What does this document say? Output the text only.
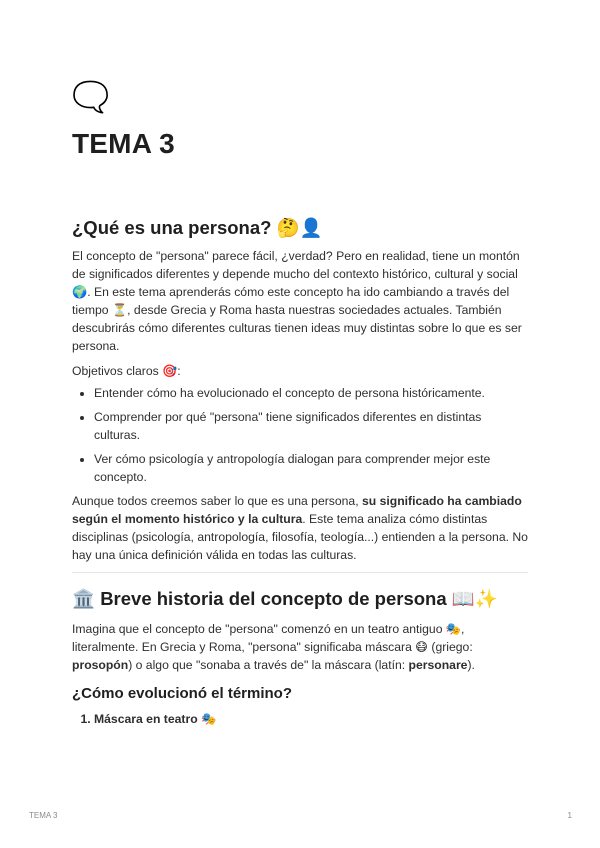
🗨️
TEMA 3
¿Qué es una persona? 🤔👤

El concepto de "persona" parece fácil, ¿verdad? Pero en realidad, tiene un montón de significados diferentes y depende mucho del contexto histórico, cultural y social 🌍. En este tema aprenderás cómo este concepto ha ido cambiando a través del tiempo ⏳, desde Grecia y Roma hasta nuestras sociedades actuales. También descubrirás cómo diferentes culturas tienen ideas muy distintas sobre lo que es ser persona.

Objetivos claros 🎯:

• Entender cómo ha evolucionado el concepto de persona históricamente.
• Comprender por qué "persona" tiene significados diferentes en distintas culturas.
• Ver cómo psicología y antropología dialogan para comprender mejor este concepto.

Aunque todos creemos saber lo que es una persona, su significado ha cambiado según el momento histórico y la cultura. Este tema analiza cómo distintas disciplinas (psicología, antropología, filosofía, teología...) entienden a la persona. No hay una única definición válida en todas las culturas.

🏛️ Breve historia del concepto de persona 📖✨

Imagina que el concepto de "persona" comenzó en un teatro antiguo 🎭, literalmente. En Grecia y Roma, "persona" significaba máscara 😷 (griego: prosopón) o algo que "sonaba a través de" la máscara (latín: personare).

¿Cómo evolucionó el término?
1. Máscara en teatro 🎭
TEMA 3	1
